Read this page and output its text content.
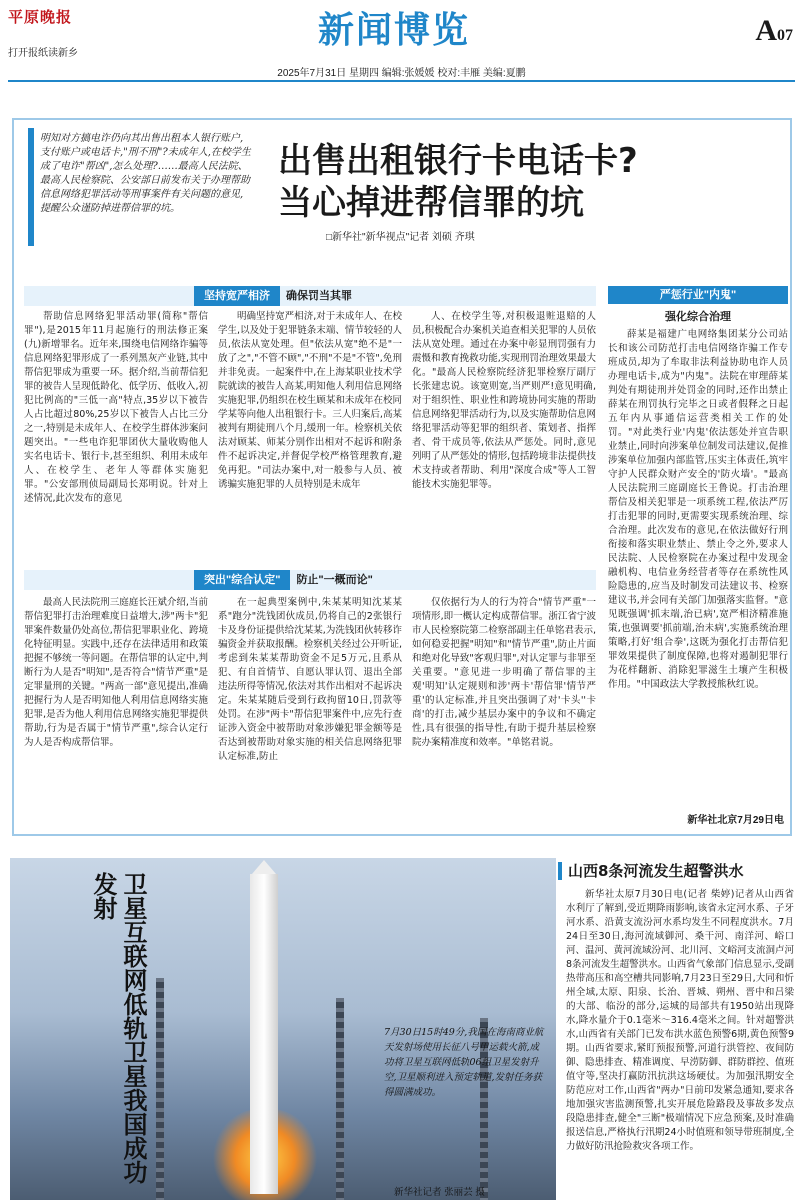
平原晚报
打开报纸读新乡
新闻博览	A07
2025年7月31日 星期四 编辑:张媛媛 校对:丰雁 美编:夏鹏
明知对方搞电诈仍向其出售出租本人银行账户,支付账户或电话卡,"刑不刑"?未成年人,在校学生成了电诈"帮凶",怎么处理?……最高人民法院、最高人民检察院、公安部日前发布关于办理帮助信息网络犯罪活动等刑事案件有关问题的意见,提醒公众谨防掉进帮信罪的坑。
出售出租银行卡电话卡?
当心掉进帮信罪的坑
□新华社"新华视点"记者 刘硕 齐琪
坚持宽严相济 确保罚当其罪

帮助信息网络犯罪活动罪(简称"帮信罪"),是2015年11月起施行的刑法修正案(九)新增罪名。近年来,围绕电信网络诈骗等信息网络犯罪形成了一系列黑灰产业链,其中帮信犯罪成为重要一环。据介绍,当前帮信犯罪的被告人呈现低龄化、低学历、低收入,初犯比例高的"三低一高"特点,35岁以下被告人占比超过80%,25岁以下被告人占比三分之一,特别是未成年人、在校学生群体涉案问题突出。"一些电诈犯罪团伙大量收购他人实名电话卡、银行卡,甚至组织、利用未成年人、在校学生、老年人等群体实施犯罪。"公安部刑侦局副局长郑明说。针对上述情况,此次发布的意见

明确坚持宽严相济,对于未成年人、在校学生,以及处于犯罪链条末端、情节较轻的人员,依法从宽处理。但"依法从宽"绝不是"一放了之","不管不顾","不刑"不是"不管",免刑并非免责。一起案件中,在上海某职业技术学院就读的被告人高某,明知他人利用信息网络实施犯罪,仍组织在校生顾某和未成年在校同学某等向他人出租银行卡。三人归案后,高某被判有期徒刑八个月,缓刑一年。检察机关依法对顾某、师某分别作出相对不起诉和附条件不起诉决定,并督促学校严格管理教育,避免再犯。"司法办案中,对一般参与人员、被诱骗实施犯罪的人员特别是未成年

人、在校学生等,对积极退赃退赔的人员,积极配合办案机关追查相关犯罪的人员依法从宽处理。通过在办案中彰显刑罚强有力震慑和教育挽救功能,实现刑罚治理效果最大化。"最高人民检察院经济犯罪检察厅副厅长张建忠说。该宽则宽,当严则严!意见明确,对于组织性、职业性和跨境协同实施的帮助信息网络犯罪活动行为,以及实施帮助信息网络犯罪活动等犯罪的组织者、策划者、指挥者、骨干成员等,依法从严惩处。同时,意见列明了从严惩处的情形,包括跨境非法提供技术支持或者帮助、利用"深度合成"等人工智能技术实施犯罪等。

突出"综合认定" 防止"一概而论"

最高人民法院刑三庭庭长汪斌介绍,当前帮信犯罪打击治理难度日益增大,涉"两卡"犯罪案件数量仍处高位,帮信犯罪职业化、跨境化特征明显。实践中,还存在法律适用和政策把握不够统一等问题。在帮信罪的认定中,判断行为人是否"明知",是否符合"情节严重"是定罪量刑的关键。"两高一部"意见提出,准确把握行为人是否明知他人利用信息网络实施犯罪,是否为他人利用信息网络实施犯罪提供帮助,行为是否属于"情节严重",综合认定行为人是否构成帮信罪。

在一起典型案例中,朱某某明知沈某某系"跑分"洗钱团伙成员,仍将自己的2张银行卡及身份证提供给沈某某,为洗钱团伙转移诈骗资金并获取报酬。检察机关经过公开听证,考虑到朱某某帮助资金不足5万元,且系从犯、有自首情节、自愿认罪认罚、退出全部违法所得等情况,依法对其作出相对不起诉决定。朱某某随后受到行政拘留10日,罚款等处罚。在涉"两卡"帮信犯罪案件中,应先行查证涉入资金中被帮助对象涉嫌犯罪金额等是否达到被帮助对象实施的相关信息网络犯罪认定标准,防止

仅依据行为人的行为符合"情节严重"一项情形,即一概认定构成帮信罪。浙江省宁波市人民检察院第二检察部副主任单铭君表示,如何稳妥把握"明知"和"情节严重",防止片面和绝对化导致"客观归罪",对认定罪与非罪至关重要。"意见进一步明确了帮信罪的主观'明知'认定规则和涉'两卡'帮信罪'情节严重'的认定标准,并且突出强调了对'卡头''卡商'的打击,减少基层办案中的争议和不确定性,具有很强的指导性,有助于提升基层检察院办案精准度和效率。"单铭君说。

严惩行业"内鬼"
强化综合治理

薛某是福建广电网络集团某分公司站长和该公司防范打击电信网络诈骗工作专班成员,却为了牟取非法利益协助电诈人员办理电话卡,成为"内鬼"。法院在审理薛某判处有期徒刑并处罚金的同时,还作出禁止薛某在刑罚执行完毕之日或者假释之日起五年内从事通信运营类相关工作的处罚。"对此类行业'内鬼'依法惩处并宣告职业禁止,同时向涉案单位制发司法建议,促推涉案单位加强内部监管,压实主体责任,筑牢守护人民群众财产安全的'防火墙'。"最高人民法院刑三庭副庭长王鲁说。打击治理帮信及相关犯罪是一项系统工程,依法严厉打击犯罪的同时,更需要实现系统治理、综合治理。此次发布的意见,在依法做好行刑衔接和落实职业禁止、禁止令之外,要求人民法院、人民检察院在办案过程中发现金融机构、电信业务经营者等存在系统性风险隐患的,应当及时制发司法建议书、检察建议书,并会同有关部门加强落实监督。"意见既强调'抓末端,治已病',宽严相济精准施策,也强调要'抓前端,治未病',实施系统治理策略,打好'组合拳',这既为强化打击帮信犯罪效果提供了制度保障,也将对遏制犯罪行为花样翻新、消除犯罪滋生土壤产生积极作用。"中国政法大学教授熊秋红说。

新华社北京7月29日电
卫星互联网低轨卫星我国成功发射
7月30日15时49分,我国在海南商业航天发射场使用长征八号甲运载火箭,成功将卫星互联网低轨06组卫星发射升空,卫星顺利进入预定轨道,发射任务获得圆满成功。
新华社记者 张丽芸 摄
山西8条河流发生超警洪水

新华社太原7月30日电(记者 柴婷)记者从山西省水利厅了解到,受近期降雨影响,该省永定河水系、子牙河水系、沿黄支流汾河水系均发生不同程度洪水。7月24日至30日,海河流域御河、桑干河、南洋河、峪口河、温河、黄河流域汾河、北川河、文峪河支流洞卢河8条河流发生超警洪水。山西省气象部门信息显示,受副热带高压和高空槽共同影响,7月23日至29日,大同和忻州全域,太原、阳泉、长治、晋城、朔州、晋中和吕梁的大部、临汾的部分,运城的局部共有1950站出现降水,降水量介于0.1毫米～316.4毫米之间。针对超警洪水,山西省有关部门已发布洪水蓝色预警6期,黄色预警9期。山西省要求,紧盯预报预警,河道行洪管控、夜间防御、隐患排查、精准调度、早涝防御、群防群控、值班值守等,坚决打赢防汛抗洪这场硬仗。为加强汛期安全防范应对工作,山西省"两办"日前印发紧急通知,要求各地加强灾害监测预警,扎实开展危险路段及事故多发点段隐患排查,健全"三断"极端情况下应急预案,及时准确报送信息,严格执行汛期24小时值班和领导带班制度,全力做好防汛抢险救灾各项工作。
